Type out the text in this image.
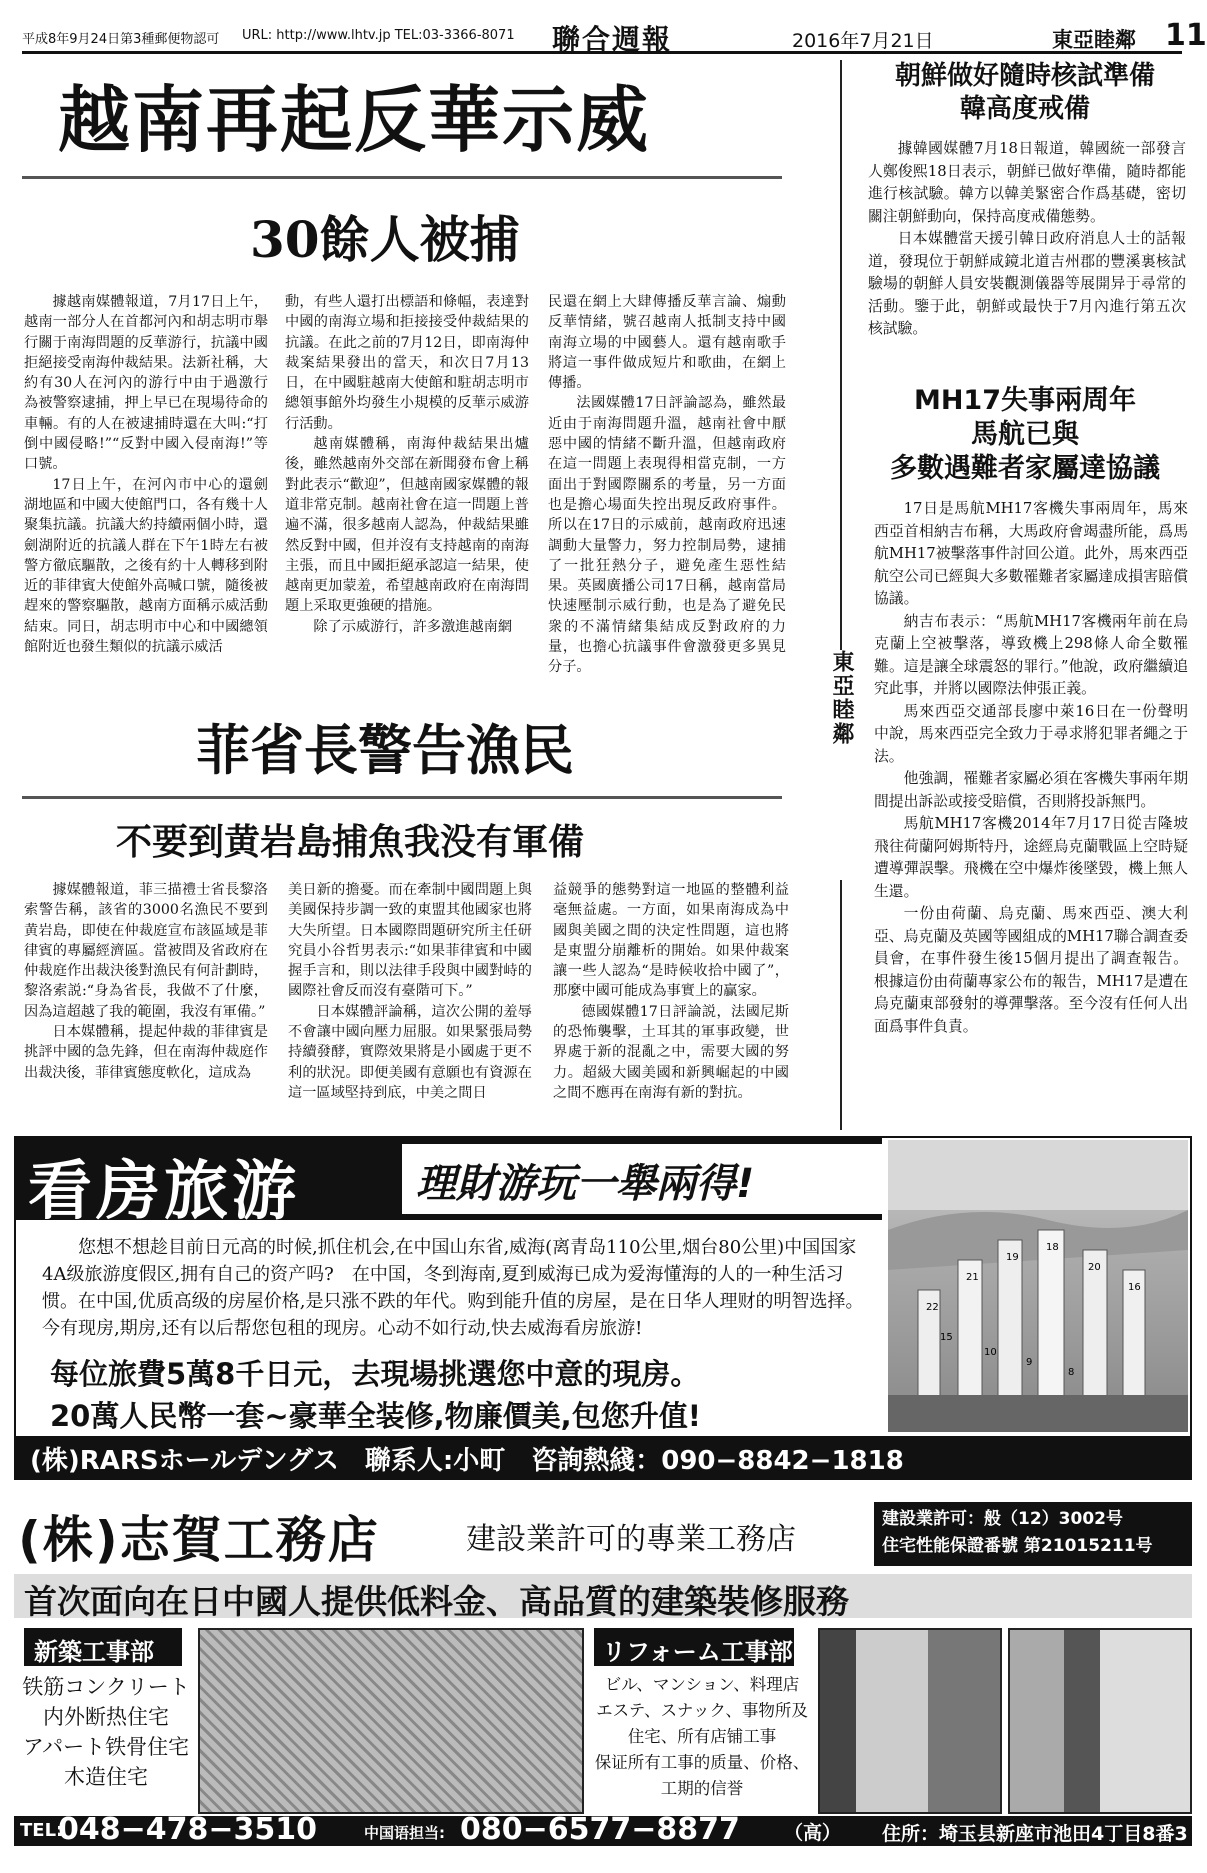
平成8年9月24日第3種郵便物認可 URL: http://www.lhtv.jp TEL:03-3366-8071 聯合週報	2016年7月21日	東亞睦鄰 11
越南再起反華示威
30餘人被捕

據越南媒體報道，7月17日上午，越南一部分人在首都河內和胡志明市舉行關于南海問題的反華游行，抗議中國拒絕接受南海仲裁結果。法新社稱，大約有30人在河內的游行中由于過激行為被警察逮捕，押上早已在現場待命的車輛。有的人在被逮捕時還在大叫:“打倒中國侵略!”“反對中國入侵南海!”等口號。

17日上午，在河內市中心的還劍湖地區和中國大使館門口，各有幾十人聚集抗議。抗議大約持續兩個小時，還劍湖附近的抗議人群在下午1時左右被警方徹底驅散，之後有約十人轉移到附近的菲律賓大使館外高喊口號，隨後被趕來的警察驅散，越南方面稱示威活動結束。同日，胡志明市中心和中國總領館附近也發生類似的抗議示威活

動，有些人還打出標語和條幅，表達對中國的南海立場和拒接接受仲裁結果的抗議。在此之前的7月12日，即南海仲裁案結果發出的當天，和次日7月13日，在中國駐越南大使館和駐胡志明市總領事館外均發生小規模的反華示威游行活動。

越南媒體稱，南海仲裁結果出爐後，雖然越南外交部在新聞發布會上稱對此表示“歡迎”，但越南國家媒體的報道非常克制。越南社會在這一問題上普遍不滿，很多越南人認為，仲裁結果雖然反對中國，但并沒有支持越南的南海主張，而且中國拒絕承認這一結果，使越南更加蒙羞，希望越南政府在南海問題上采取更強硬的措施。

除了示威游行，許多激進越南網

民還在網上大肆傳播反華言論、煽動反華情緒，號召越南人抵制支持中國南海立場的中國藝人。還有越南歌手將這一事件做成短片和歌曲，在網上傳播。

法國媒體17日評論認為，雖然最近由于南海問題升溫，越南社會中厭惡中國的情緒不斷升溫，但越南政府在這一問題上表現得相當克制，一方面出于對國際關系的考量，另一方面也是擔心場面失控出現反政府事件。所以在17日的示威前，越南政府迅速調動大量警力，努力控制局勢，逮捕了一批狂熱分子，避免產生惡性結果。英國廣播公司17日稱，越南當局快速壓制示威行動，也是為了避免民衆的不滿情緒集結成反對政府的力量，也擔心抗議事件會激發更多異見分子。

菲省長警告漁民
不要到黄岩島捕魚我没有軍備

據媒體報道，菲三描禮士省長黎洛索警告稱，該省的3000名漁民不要到黄岩島，即使在仲裁庭宣布該區域是菲律賓的專屬經濟區。當被問及省政府在仲裁庭作出裁決後對漁民有何計劃時，黎洛索説:“身為省長，我做不了什麼，因為這超越了我的範圍，我沒有軍備。”

日本媒體稱，提起仲裁的菲律賓是挑評中國的急先鋒，但在南海仲裁庭作出裁決後，菲律賓態度軟化，這成為

美日新的擔憂。而在牽制中國問題上與美國保持步調一致的東盟其他國家也將大失所望。日本國際問題研究所主任研究員小谷哲男表示:“如果菲律賓和中國握手言和，則以法律手段與中國對峙的國際社會反而沒有臺階可下。”

日本媒體評論稱，這次公開的羞辱不會讓中國向壓力屈服。如果緊張局勢持續發酵，實際效果將是小國處于更不利的狀況。即便美國有意願也有資源在這一區域堅持到底，中美之間日

益競爭的態勢對這一地區的整體利益毫無益處。一方面，如果南海成為中國與美國之間的決定性問題，這也將是東盟分崩離析的開始。如果仲裁案讓一些人認為“是時候收拾中國了”，那麼中國可能成為事實上的贏家。

德國媒體17日評論説，法國尼斯的恐怖襲擊，土耳其的軍事政變，世界處于新的混亂之中，需要大國的努力。超級大國美國和新興崛起的中國之間不應再在南海有新的對抗。

東亞睦鄰
朝鮮做好隨時核試準備
韓高度戒備

據韓國媒體7月18日報道，韓國統一部發言人鄭俊熙18日表示，朝鮮已做好準備，隨時都能進行核試驗。韓方以韓美緊密合作爲基礎，密切關注朝鮮動向，保持高度戒備態勢。

日本媒體當天援引韓日政府消息人士的話報道，發現位于朝鮮咸鏡北道吉州郡的豐溪裏核試驗場的朝鮮人員安裝觀測儀器等展開异于尋常的活動。鑒于此，朝鮮或最快于7月內進行第五次核試驗。

MH17失事兩周年
馬航已與
多數遇難者家屬達協議

17日是馬航MH17客機失事兩周年，馬來西亞首相納吉布稱，大馬政府會竭盡所能，爲馬航MH17被擊落事件討回公道。此外，馬來西亞航空公司已經與大多數罹難者家屬達成損害賠償協議。

納吉布表示：“馬航MH17客機兩年前在烏克蘭上空被擊落，導致機上298條人命全數罹難。這是讓全球震怒的罪行。”他說，政府繼續追究此事，并將以國際法伸張正義。

馬來西亞交通部長廖中萊16日在一份聲明中說，馬來西亞完全致力于尋求將犯罪者繩之于法。

他強調，罹難者家屬必須在客機失事兩年期間提出訴訟或接受賠償，否則將投訴無門。

馬航MH17客機2014年7月17日從吉隆坡飛往荷蘭阿姆斯特丹，途經烏克蘭戰區上空時疑遭導彈誤擊。飛機在空中爆炸後墜毀，機上無人生還。

一份由荷蘭、烏克蘭、馬來西亞、澳大利亞、烏克蘭及英國等國組成的MH17聯合調查委員會，在事件發生後15個月提出了調查報告。根據這份由荷蘭專家公布的報告，MH17是遭在烏克蘭東部發射的導彈擊落。至今沒有任何人出面爲事件負責。

看房旅游	理財游玩一舉兩得!
您想不想趁目前日元高的时候,抓住机会,在中国山东省,威海(离青岛110公里,烟台80公里)中国国家4A级旅游度假区,拥有自己的资产吗?　在中国，冬到海南,夏到威海已成为爱海懂海的人的一种生活习惯。在中国,优质高级的房屋价格,是只涨不跌的年代。购到能升值的房屋，是在日华人理财的明智选择。今有现房,期房,还有以后帮您包租的现房。心动不如行动,快去威海看房旅游!
每位旅費5萬8千日元，去現場挑選您中意的現房。
20萬人民幣一套~豪華全装修,物廉價美,包您升值!
(株)RARSホールデングス　聯系人:小町　咨詢熱綫：090−8842−1818
22
21
19
18
20
16
15
10
9
8
(株)志賀工務店	建設業許可的專業工務店
建設業許可：般（12）3002号
住宅性能保證番號 第21015211号
首次面向在日中國人提供低料金、高品質的建築裝修服務
新築工事部
铁筋コンクリート
内外断热住宅
アパート铁骨住宅
木造住宅
リフォーム工事部
ビル、マンション、料理店
エステ、スナック、事物所及
住宅、所有店铺工事
保证所有工事的质量、价格、
工期的信誉
TEL:
048−478−3510	中国语担当: 080−6577−8877 （高） 住所：埼玉县新座市池田4丁目8番3号
